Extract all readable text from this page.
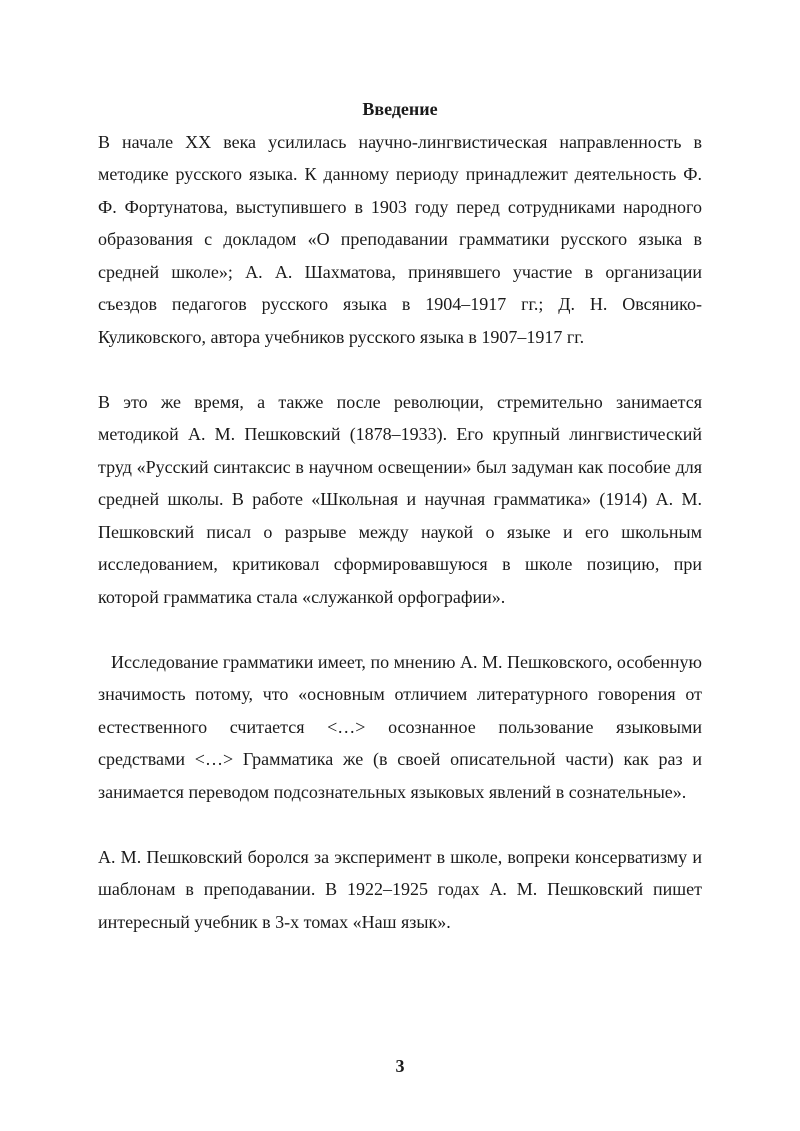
Введение

В начале XX века усилилась научно-лингвистическая направленность в методике русского языка. К данному периоду принадлежит деятельность Ф. Ф. Фортунатова, выступившего в 1903 году перед сотрудниками народного образования с докладом «О преподавании грамматики русского языка в средней школе»; А. А. Шахматова, принявшего участие в организации съездов педагогов русского языка в 1904–1917 гг.; Д. Н. Овсянико-Куликовского, автора учебников русского языка в 1907–1917 гг.

В это же время, а также после революции, стремительно занимается методикой А. М. Пешковский (1878–1933). Его крупный лингвистический труд «Русский синтаксис в научном освещении» был задуман как пособие для средней школы. В работе «Школьная и научная грамматика» (1914) А. М. Пешковский писал о разрыве между наукой о языке и его школьным исследованием, критиковал сформировавшуюся в школе позицию, при которой грамматика стала «служанкой орфографии».

Исследование грамматики имеет, по мнению А. М. Пешковского, особенную значимость потому, что «основным отличием литературного говорения от естественного считается <…> осознанное пользование языковыми средствами <…> Грамматика же (в своей описательной части) как раз и занимается переводом подсознательных языковых явлений в сознательные».

А. М. Пешковский боролся за эксперимент в школе, вопреки консерватизму и шаблонам в преподавании. В 1922–1925 годах А. М. Пешковский пишет интересный учебник в 3-х томах «Наш язык».

3
